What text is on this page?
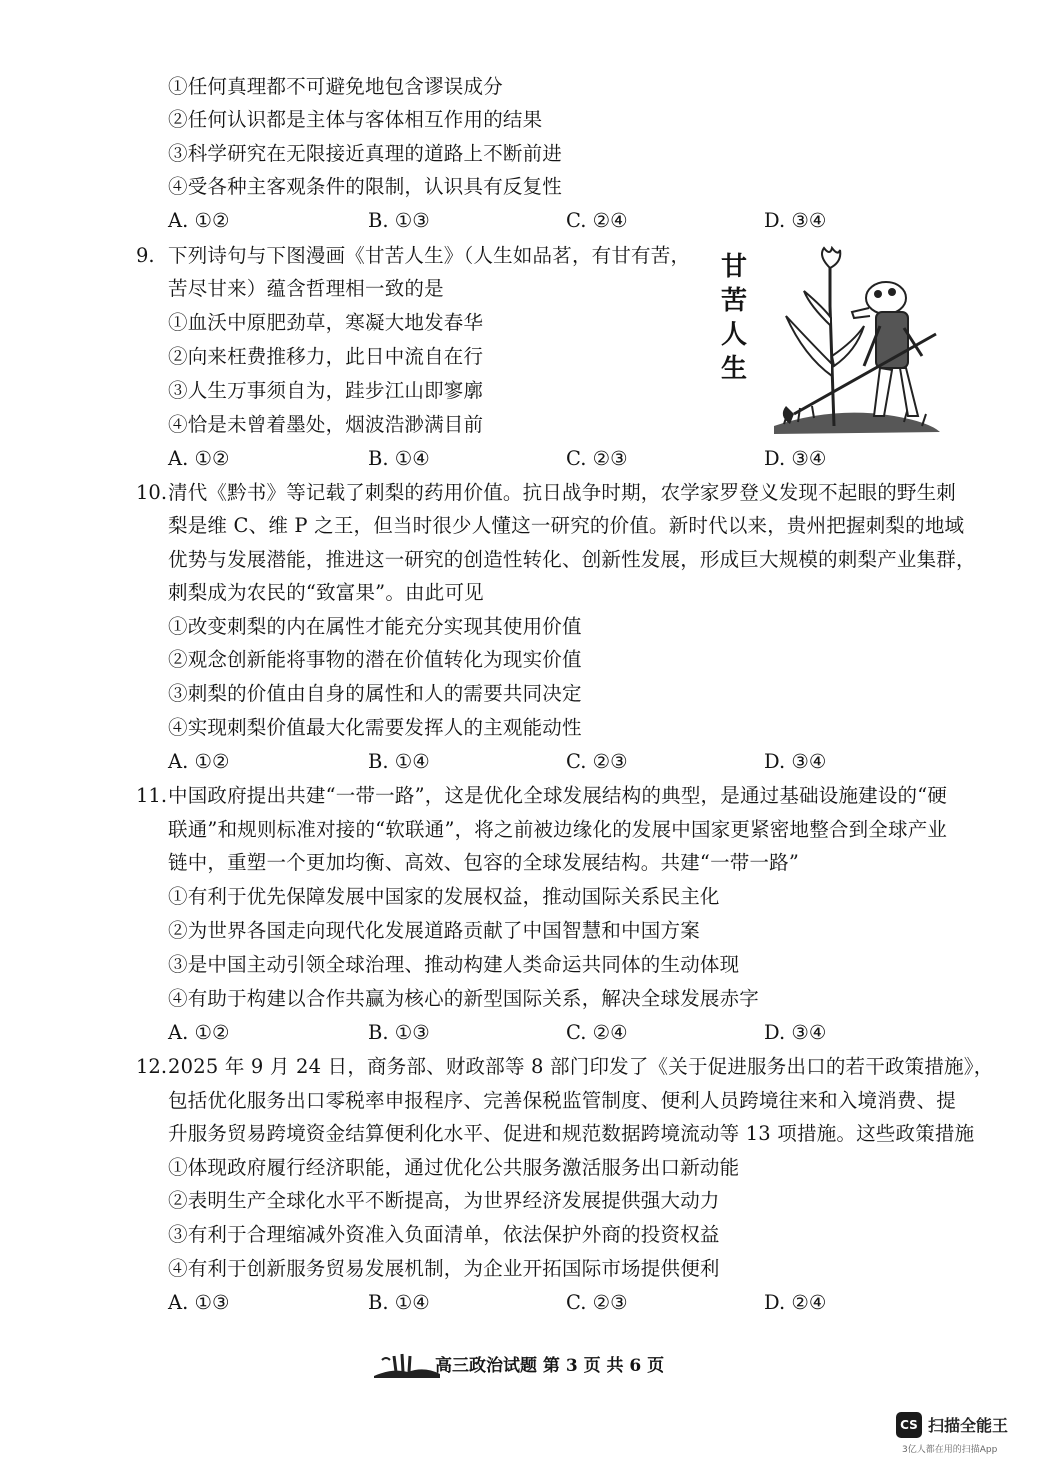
①任何真理都不可避免地包含谬误成分
②任何认识都是主体与客体相互作用的结果
③科学研究在无限接近真理的道路上不断前进
④受各种主客观条件的限制，认识具有反复性
A. ①②	B. ①③	C. ②④	D. ③④
9. 下列诗句与下图漫画《甘苦人生》（人生如品茗，有甘有苦，
苦尽甘来）蕴含哲理相一致的是
①血沃中原肥劲草，寒凝大地发春华
②向来枉费推移力，此日中流自在行
③人生万事须自为，跬步江山即寥廓
④恰是未曾着墨处，烟波浩渺满目前
A. ①②	B. ①④	C. ②③	D. ③④
甘
苦
人
生
10. 清代《黔书》等记载了刺梨的药用价值。抗日战争时期，农学家罗登义发现不起眼的野生刺
梨是维 C、维 P 之王，但当时很少人懂这一研究的价值。新时代以来，贵州把握刺梨的地域
优势与发展潜能，推进这一研究的创造性转化、创新性发展，形成巨大规模的刺梨产业集群，
刺梨成为农民的“致富果”。由此可见
①改变刺梨的内在属性才能充分实现其使用价值
②观念创新能将事物的潜在价值转化为现实价值
③刺梨的价值由自身的属性和人的需要共同决定
④实现刺梨价值最大化需要发挥人的主观能动性
A. ①②	B. ①④	C. ②③	D. ③④
11. 中国政府提出共建“一带一路”，这是优化全球发展结构的典型，是通过基础设施建设的“硬
联通”和规则标准对接的“软联通”，将之前被边缘化的发展中国家更紧密地整合到全球产业
链中，重塑一个更加均衡、高效、包容的全球发展结构。共建“一带一路”
①有利于优先保障发展中国家的发展权益，推动国际关系民主化
②为世界各国走向现代化发展道路贡献了中国智慧和中国方案
③是中国主动引领全球治理、推动构建人类命运共同体的生动体现
④有助于构建以合作共赢为核心的新型国际关系，解决全球发展赤字
A. ①②	B. ①③	C. ②④	D. ③④
12. 2025 年 9 月 24 日，商务部、财政部等 8 部门印发了《关于促进服务出口的若干政策措施》，
包括优化服务出口零税率申报程序、完善保税监管制度、便利人员跨境往来和入境消费、提
升服务贸易跨境资金结算便利化水平、促进和规范数据跨境流动等 13 项措施。这些政策措施
①体现政府履行经济职能，通过优化公共服务激活服务出口新动能
②表明生产全球化水平不断提高，为世界经济发展提供强大动力
③有利于合理缩减外资准入负面清单，依法保护外商的投资权益
④有利于创新服务贸易发展机制，为企业开拓国际市场提供便利
A. ①③	B. ①④	C. ②③	D. ②④
高三政治试题 第 3 页 共 6 页
CS 扫描全能王
3亿人都在用的扫描App
